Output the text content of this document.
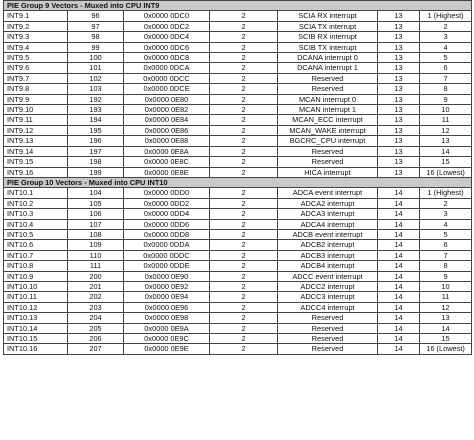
PIE Group 9 Vectors - Muxed into CPU INT9						
INT9.1	96	0x0000 0DC0	2	SCIA RX interrupt	13	1 (Highest)
INT9.2	97	0x0000 0DC2	2	SCIA TX interrupt	13	2
INT9.3	98	0x0000 0DC4	2	SCIB RX interrupt	13	3
INT9.4	99	0x0000 0DC6	2	SCIB TX interrupt	13	4
INT9.5	100	0x0000 0DC8	2	DCANA interrupt 0	13	5
INT9.6	101	0x0000 0DCA	2	DCANA interrupt 1	13	6
INT9.7	102	0x0000 0DCC	2	Reserved	13	7
INT9.8	103	0x0000 0DCE	2	Reserved	13	8
INT9.9	192	0x0000 0E80	2	MCAN interrupt 0	13	9
INT9.10	193	0x0000 0E82	2	MCAN interrupt 1	13	10
INT9.11	194	0x0000 0E84	2	MCAN_ECC interrupt	13	11
INT9.12	195	0x0000 0E86	2	MCAN_WAKE interrupt	13	12
INT9.13	196	0x0000 0E88	2	BGCRC_CPU interrupt	13	13
INT9.14	197	0x0000 0E8A	2	Reserved	13	14
INT9.15	198	0x0000 0E8C	2	Reserved	13	15
INT9.16	199	0x0000 0E8E	2	HICA interrupt	13	16 (Lowest)
PIE Group 10 Vectors - Muxed into CPU INT10						
INT10.1	104	0x0000 0DD0	2	ADCA event interrupt	14	1 (Highest)
INT10.2	105	0x0000 0DD2	2	ADCA2 interrupt	14	2
INT10.3	106	0x0000 0DD4	2	ADCA3 interrupt	14	3
INT10.4	107	0x0000 0DD6	2	ADCA4 interrupt	14	4
INT10.5	108	0x0000 0DD8	2	ADCB event interrupt	14	5
INT10.6	109	0x0000 0DDA	2	ADCB2 interrupt	14	6
INT10.7	110	0x0000 0DDC	2	ADCB3 interrupt	14	7
INT10.8	111	0x0000 0DDE	2	ADCB4 interrupt	14	8
INT10.9	200	0x0000 0E90	2	ADCC event interrupt	14	9
INT10.10	201	0x0000 0E92	2	ADCC2 interrupt	14	10
INT10.11	202	0x0000 0E94	2	ADCC3 interrupt	14	11
INT10.12	203	0x0000 0E96	2	ADCC4 interrupt	14	12
INT10.13	204	0x0000 0E98	2	Reserved	14	13
INT10.14	205	0x0000 0E9A	2	Reserved	14	14
INT10.15	206	0x0000 0E9C	2	Reserved	14	15
INT10.16	207	0x0000 0E9E	2	Reserved	14	16 (Lowest)
